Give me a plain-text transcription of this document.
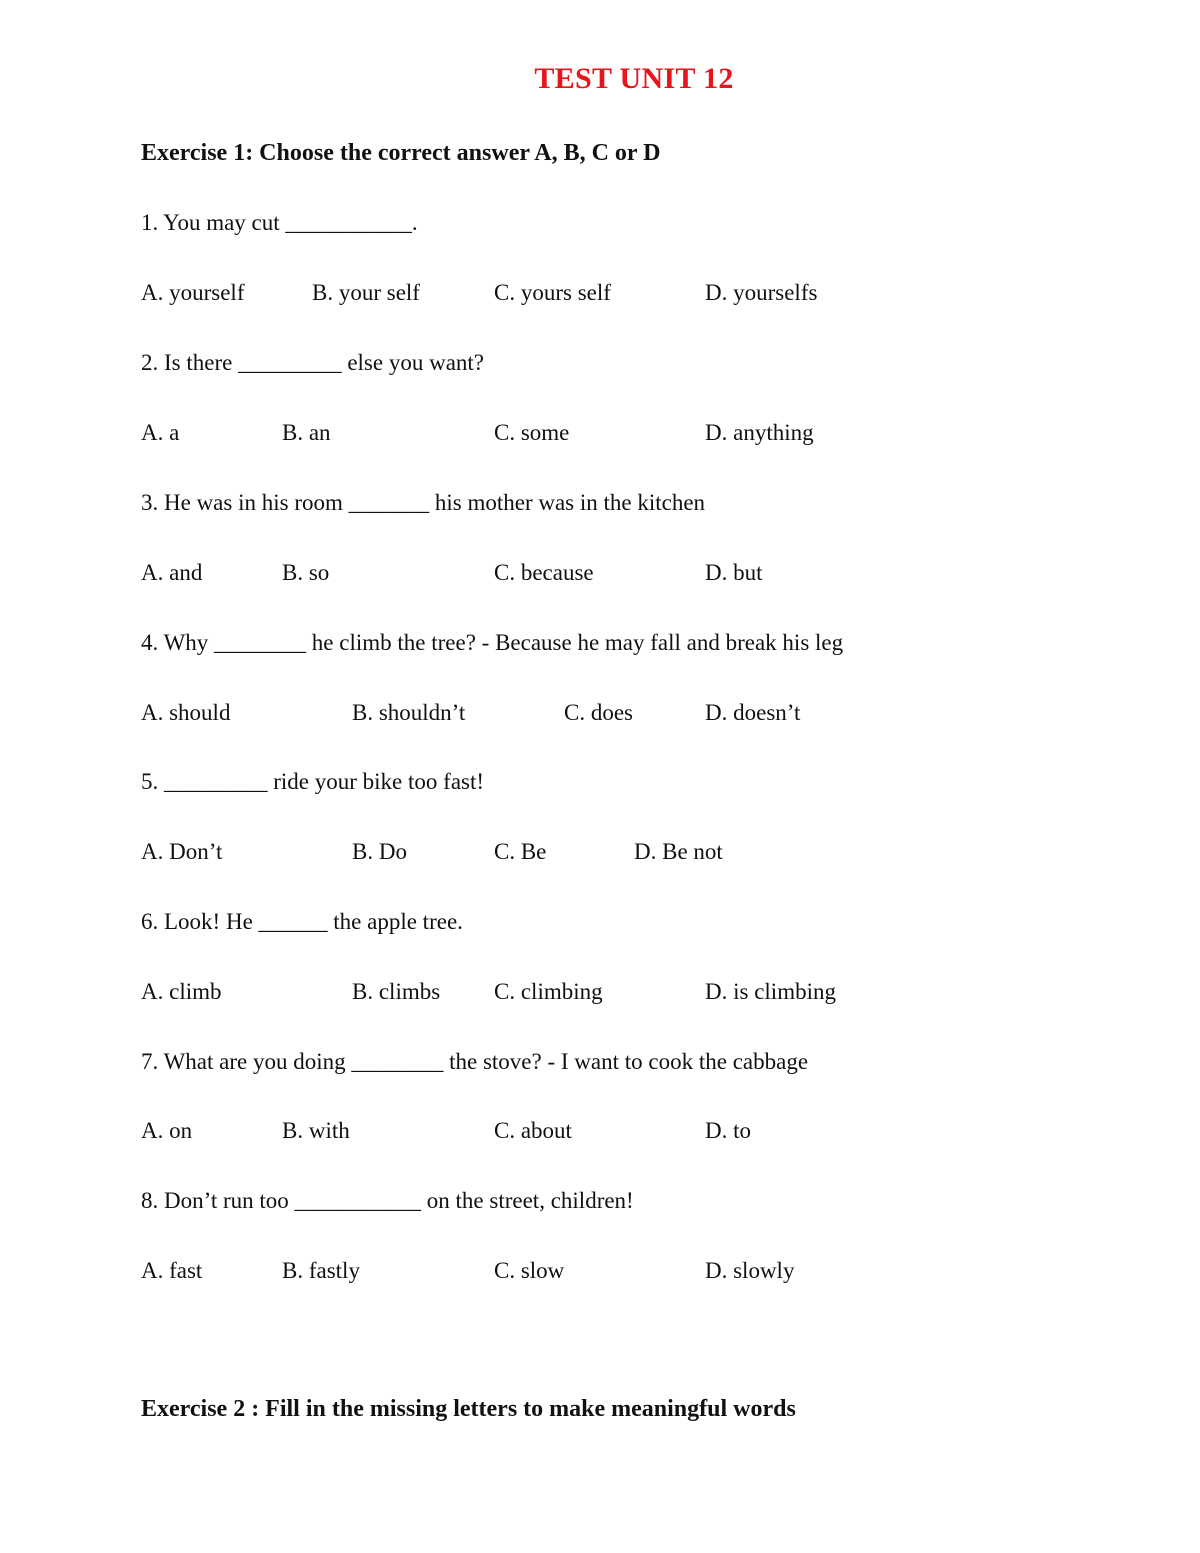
TEST UNIT 12

Exercise 1: Choose the correct answer A, B, C or D

1. You may cut ___________.
A. yourself	B. your self	C. yours self	D. yourselfs
2. Is there _________ else you want?
A. a	B. an	C. some	D. anything
3. He was in his room _______ his mother was in the kitchen
A. and	B. so	C. because	D. but
4. Why ________ he climb the tree? - Because he may fall and break his leg
A. should	B. shouldn’t	C. does	D. doesn’t
5. _________ ride your bike too fast!
A. Don’t	B. Do	C. Be	D. Be not
6. Look! He ______ the apple tree.
A. climb	B. climbs C. climbing	D. is climbing
7. What are you doing ________ the stove? - I want to cook the cabbage
A. on	B. with	C. about	D. to
8. Don’t run too ___________ on the street, children!
A. fast	B. fastly	C. slow	D. slowly

Exercise 2 : Fill in the missing letters to make meaningful words
